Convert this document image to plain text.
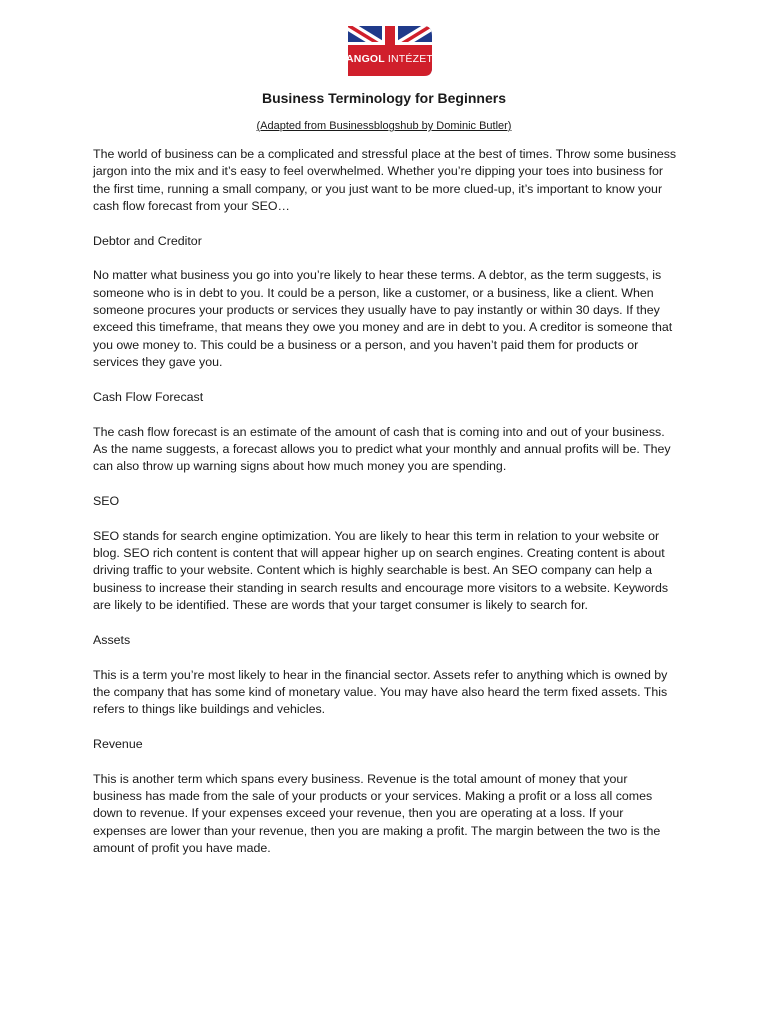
ANGOL INTÉZET
Business Terminology for Beginners
(Adapted from Businessblogshub by Dominic Butler)

The world of business can be a complicated and stressful place at the best of times. Throw some business jargon into the mix and it’s easy to feel overwhelmed. Whether you’re dipping your toes into business for the first time, running a small company, or you just want to be more clued-up, it’s important to know your cash flow forecast from your SEO…

Debtor and Creditor

No matter what business you go into you’re likely to hear these terms. A debtor, as the term suggests, is someone who is in debt to you. It could be a person, like a customer, or a business, like a client. When someone procures your products or services they usually have to pay instantly or within 30 days. If they exceed this timeframe, that means they owe you money and are in debt to you. A creditor is someone that you owe money to. This could be a business or a person, and you haven’t paid them for products or services they gave you.

Cash Flow Forecast

The cash flow forecast is an estimate of the amount of cash that is coming into and out of your business. As the name suggests, a forecast allows you to predict what your monthly and annual profits will be. They can also throw up warning signs about how much money you are spending.

SEO

SEO stands for search engine optimization. You are likely to hear this term in relation to your website or blog. SEO rich content is content that will appear higher up on search engines. Creating content is about driving traffic to your website. Content which is highly searchable is best. An SEO company can help a business to increase their standing in search results and encourage more visitors to a website. Keywords are likely to be identified. These are words that your target consumer is likely to search for.

Assets

This is a term you’re most likely to hear in the financial sector. Assets refer to anything which is owned by the company that has some kind of monetary value. You may have also heard the term fixed assets. This refers to things like buildings and vehicles.

Revenue

This is another term which spans every business. Revenue is the total amount of money that your business has made from the sale of your products or your services. Making a profit or a loss all comes down to revenue. If your expenses exceed your revenue, then you are operating at a loss. If your expenses are lower than your revenue, then you are making a profit. The margin between the two is the amount of profit you have made.
